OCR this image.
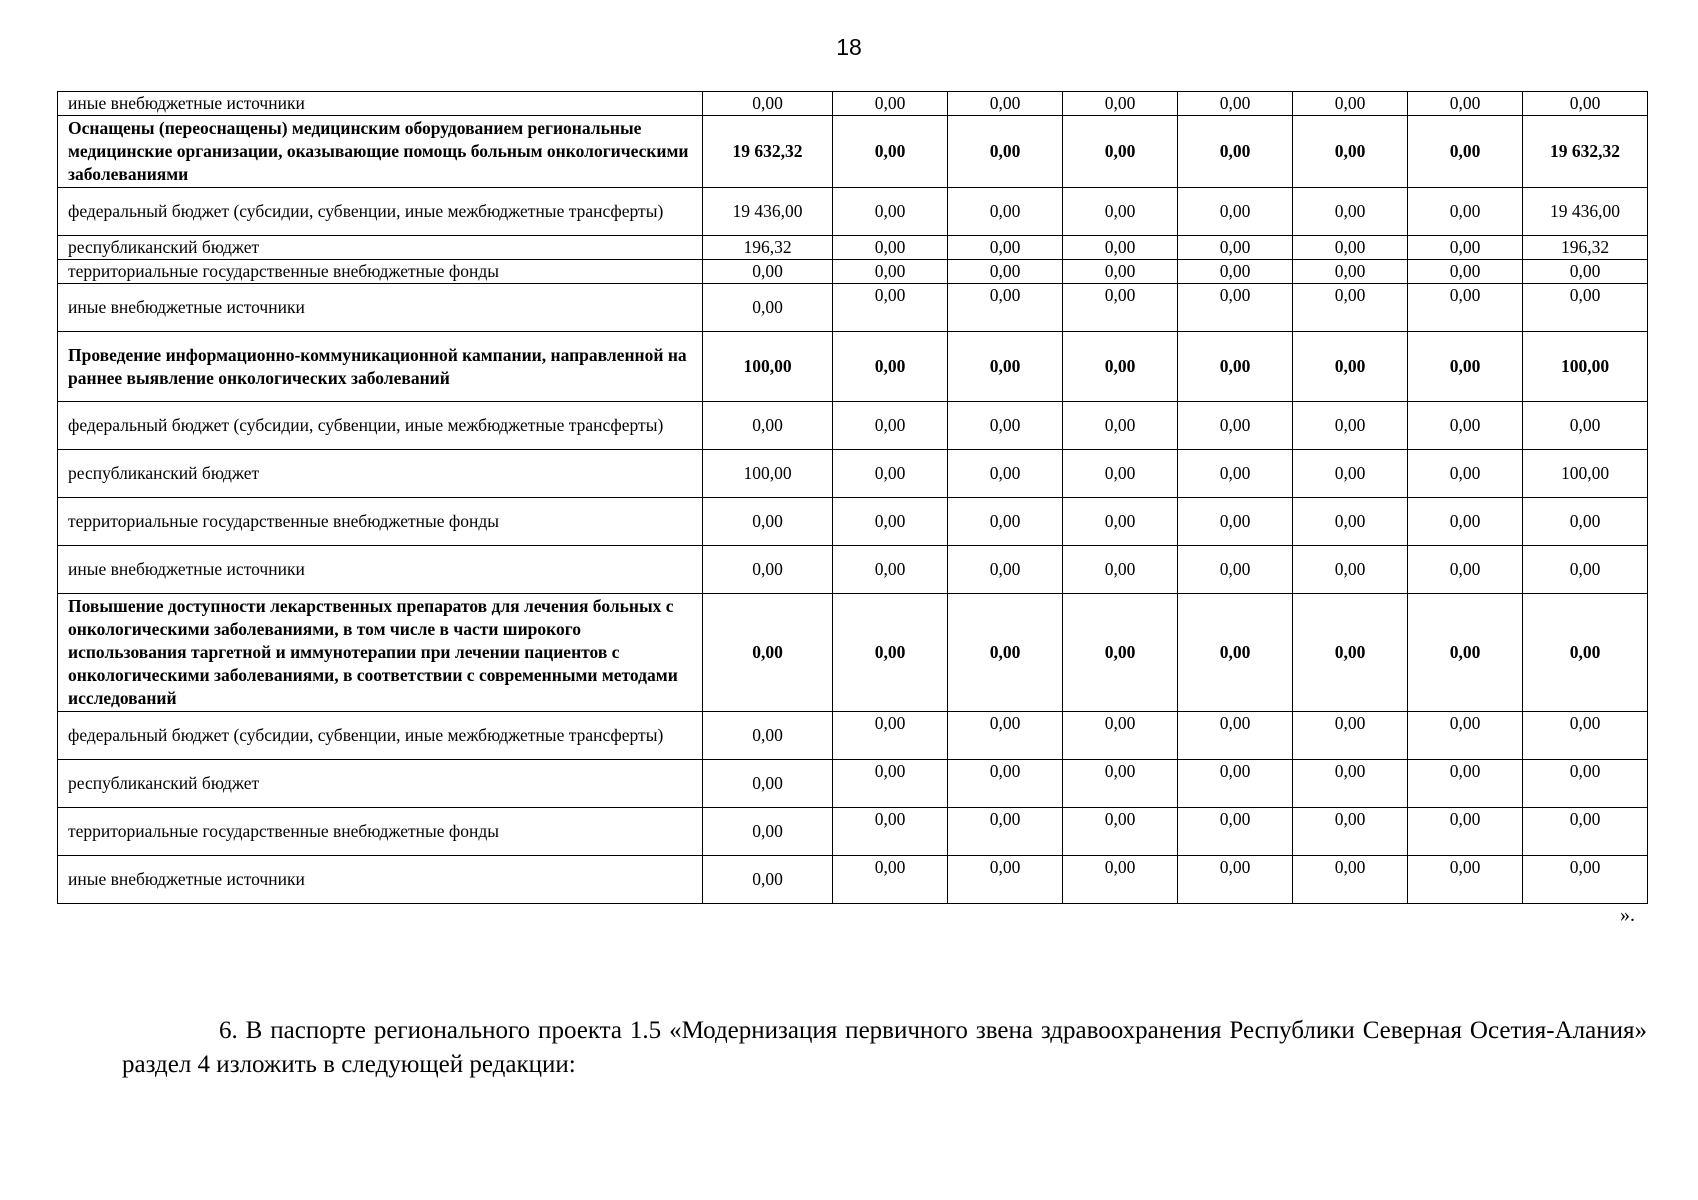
18
иные внебюджетные источники	0,00	0,00	0,00	0,00	0,00	0,00	0,00	0,00
Оснащены (переоснащены) медицинским оборудованием региональные медицинские организации, оказывающие помощь больным онкологическими заболеваниями	19 632,32	0,00	0,00	0,00	0,00	0,00	0,00	19 632,32
федеральный бюджет (субсидии, субвенции, иные межбюджетные трансферты)	19 436,00	0,00	0,00	0,00	0,00	0,00	0,00	19 436,00
республиканский бюджет	196,32	0,00	0,00	0,00	0,00	0,00	0,00	196,32
территориальные государственные внебюджетные фонды	0,00	0,00	0,00	0,00	0,00	0,00	0,00	0,00
иные внебюджетные источники	0,00	0,00	0,00	0,00	0,00	0,00	0,00	0,00
Проведение информационно-коммуникационной кампании, направленной на раннее выявление онкологических заболеваний	100,00	0,00	0,00	0,00	0,00	0,00	0,00	100,00
федеральный бюджет (субсидии, субвенции, иные межбюджетные трансферты)	0,00	0,00	0,00	0,00	0,00	0,00	0,00	0,00
республиканский бюджет	100,00	0,00	0,00	0,00	0,00	0,00	0,00	100,00
территориальные государственные внебюджетные фонды	0,00	0,00	0,00	0,00	0,00	0,00	0,00	0,00
иные внебюджетные источники	0,00	0,00	0,00	0,00	0,00	0,00	0,00	0,00
Повышение доступности лекарственных препаратов для лечения больных с онкологическими заболеваниями, в том числе в части широкого использования таргетной и иммунотерапии при лечении пациентов с онкологическими заболеваниями, в соответствии с современными методами исследований	0,00	0,00	0,00	0,00	0,00	0,00	0,00	0,00
федеральный бюджет (субсидии, субвенции, иные межбюджетные трансферты)	0,00	0,00	0,00	0,00	0,00	0,00	0,00	0,00
республиканский бюджет	0,00	0,00	0,00	0,00	0,00	0,00	0,00	0,00
территориальные государственные внебюджетные фонды	0,00	0,00	0,00	0,00	0,00	0,00	0,00	0,00
иные внебюджетные источники	0,00	0,00	0,00	0,00	0,00	0,00	0,00	0,00
».
6. В паспорте регионального проекта 1.5 «Модернизация первичного звена здравоохранения Республики Северная Осетия-Алания» раздел 4 изложить в следующей редакции:
